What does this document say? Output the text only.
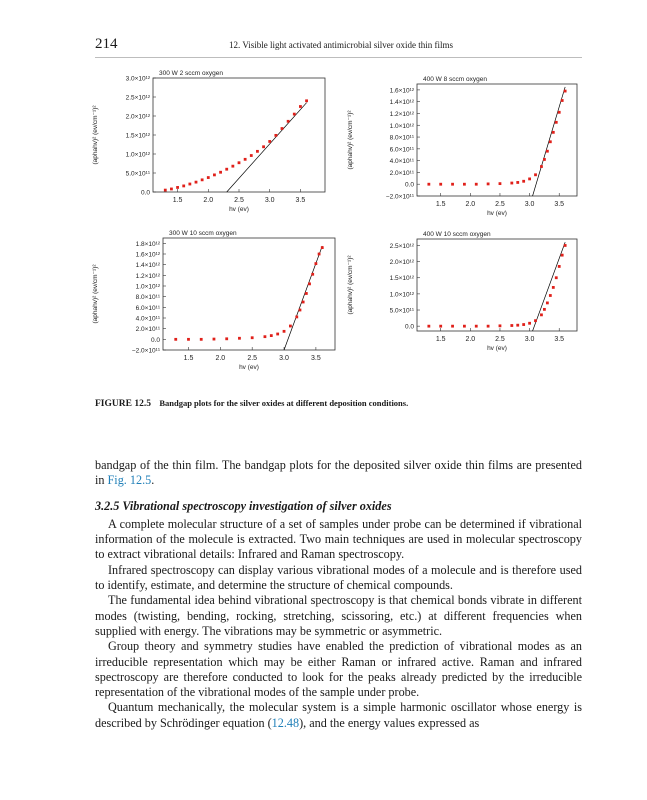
214	12. Visible light activated antimicrobial silver oxide thin films
300 W 2 sccm oxygen
0.0
5.0×10¹¹
1.0×10¹²
1.5×10¹²
2.0×10¹²
2.5×10¹²
3.0×10¹²
1.5	2.0	2.5	3.0	3.5
hv (ev)
(aphahv)² (ev/cm⁻¹)²
400 W 8 sccm oxygen
−2.0×10¹¹
0.0
2.0×10¹¹
4.0×10¹¹
6.0×10¹¹
8.0×10¹¹
1.0×10¹²
1.2×10¹²
1.4×10¹²
1.6×10¹²
1.5	2.0	2.5	3.0	3.5
hv (ev)
(aphahv)² (ev/cm⁻¹)²
300 W 10 sccm oxygen
−2.0×10¹¹
0.0
2.0×10¹¹
4.0×10¹¹
6.0×10¹¹
8.0×10¹¹
1.0×10¹²
1.2×10¹²
1.4×10¹²
1.6×10¹²
1.8×10¹²
1.5	2.0	2.5	3.0	3.5
hv (ev)
(aphahv)² (ev/cm⁻¹)²
400 W 10 sccm oxygen
0.0
5.0×10¹¹
1.0×10¹²
1.5×10¹²
2.0×10¹²
2.5×10¹²
1.5	2.0	2.5	3.0	3.5
hv (ev)
(aphahv)² (ev/cm⁻¹)²
FIGURE 12.5 Bandgap plots for the silver oxides at different deposition conditions.

bandgap of the thin film. The bandgap plots for the deposited silver oxide thin films are presented in Fig. 12.5.

3.2.5 Vibrational spectroscopy investigation of silver oxides

A complete molecular structure of a set of samples under probe can be determined if vibrational information of the molecule is extracted. Two main techniques are used in molecular spectroscopy to extract vibrational details: Infrared and Raman spectroscopy.

Infrared spectroscopy can display various vibrational modes of a molecule and is therefore used to identify, estimate, and determine the structure of chemical compounds.

The fundamental idea behind vibrational spectroscopy is that chemical bonds vibrate in different modes (twisting, bending, rocking, stretching, scissoring, etc.) at different frequencies when supplied with energy. The vibrations may be symmetric or asymmetric.

Group theory and symmetry studies have enabled the prediction of vibrational modes as an irreducible representation which may be either Raman or infrared active. Raman and infrared spectroscopy are therefore conducted to look for the peaks already predicted by the irreducible representation of the vibrational modes of the sample under probe.

Quantum mechanically, the molecular system is a simple harmonic oscillator whose energy is described by Schrödinger equation (12.48), and the energy values expressed as
